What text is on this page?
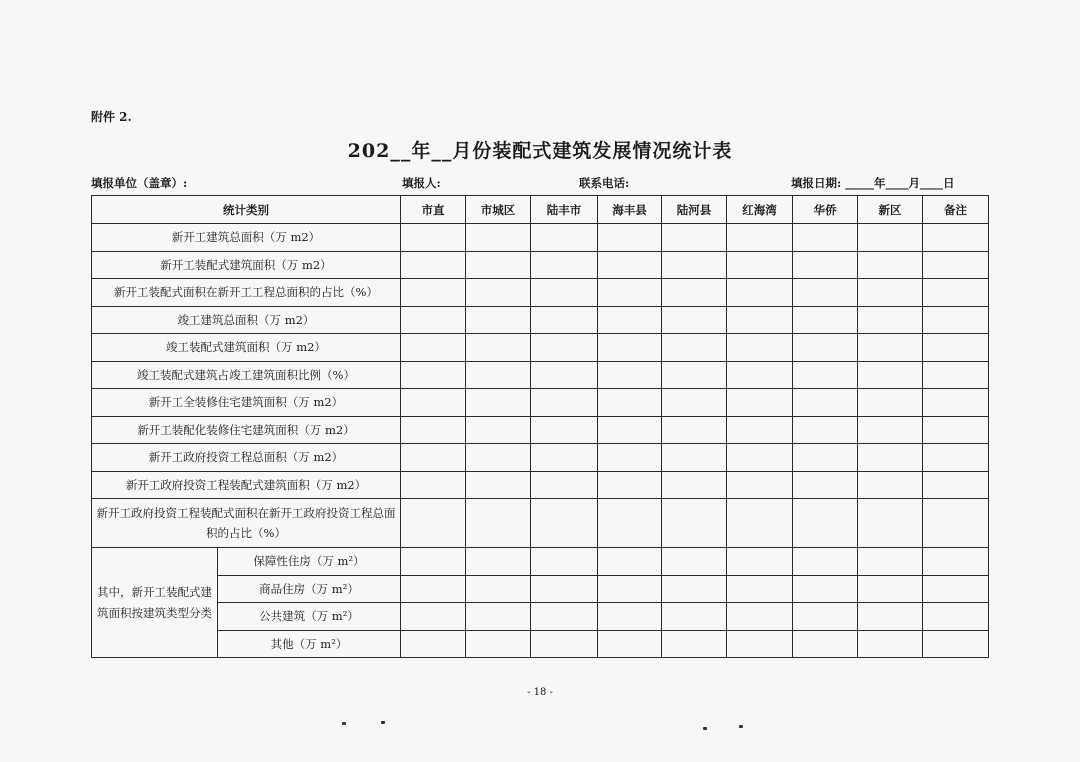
附件 2.
202__年__月份装配式建筑发展情况统计表
填报单位（盖章）:	填报人:	联系电话:	填报日期: _____年____月____日
统计类别		市直	市城区	陆丰市	海丰县	陆河县	红海湾	华侨	新区	备注
新开工建筑总面积（万 m2）										
新开工装配式建筑面积（万 m2）										
新开工装配式面积在新开工工程总面积的占比（%）										
竣工建筑总面积（万 m2）										
竣工装配式建筑面积（万 m2）										
竣工装配式建筑占竣工建筑面积比例（%）										
新开工全装修住宅建筑面积（万 m2）										
新开工装配化装修住宅建筑面积（万 m2）										
新开工政府投资工程总面积（万 m2）										
新开工政府投资工程装配式建筑面积（万 m2）										
新开工政府投资工程装配式面积在新开工政府投资工程总面积的占比（%）										
其中，新开工装配式建筑面积按建筑类型分类	保障性住房（万 m²）									
	商品住房（万 m²）									
	公共建筑（万 m²）									
	其他（万 m²）									
- 18 -
